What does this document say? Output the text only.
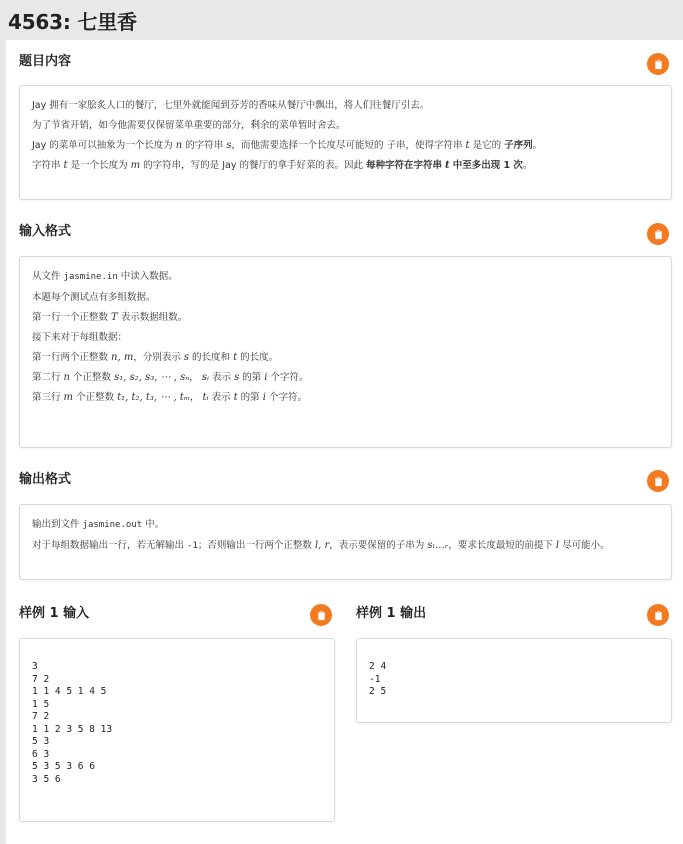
4563: 七里香
题目内容

Jay 拥有一家脍炙人口的餐厅，七里外就能闻到芬芳的香味从餐厅中飘出，将人们往餐厅引去。

为了节省开销，如今他需要仅保留菜单重要的部分，剩余的菜单暂时舍去。

Jay 的菜单可以抽象为一个长度为 n 的字符串 s，而他需要选择一个长度尽可能短的 子串，使得字符串 t 是它的 子序列。

字符串 t 是一个长度为 m 的字符串，写的是 Jay 的餐厅的拿手好菜的表。因此 每种字符在字符串 t 中至多出现 1 次。

输入格式

从文件 jasmine.in 中读入数据。

本题每个测试点有多组数据。

第一行一个正整数 T 表示数据组数。

接下来对于每组数据：

第一行两个正整数 n, m，分别表示 s 的长度和 t 的长度。

第二行 n 个正整数 s₁, s₂, s₃, ⋯ , sₙ， sᵢ 表示 s 的第 i 个字符。

第三行 m 个正整数 t₁, t₂, t₃, ⋯ , tₘ， tᵢ 表示 t 的第 i 个字符。

输出格式

输出到文件 jasmine.out 中。

对于每组数据输出一行，若无解输出 -1；否则输出一行两个正整数 l, r，表示要保留的子串为 sₗ…ᵣ，要求长度最短的前提下 l 尽可能小。

样例 1 输入
3
7 2
1 1 4 5 1 4 5
1 5
7 2
1 1 2 3 5 8 13
5 3
6 3
5 3 5 3 6 6
3 5 6
样例 1 输出
2 4
-1
2 5
